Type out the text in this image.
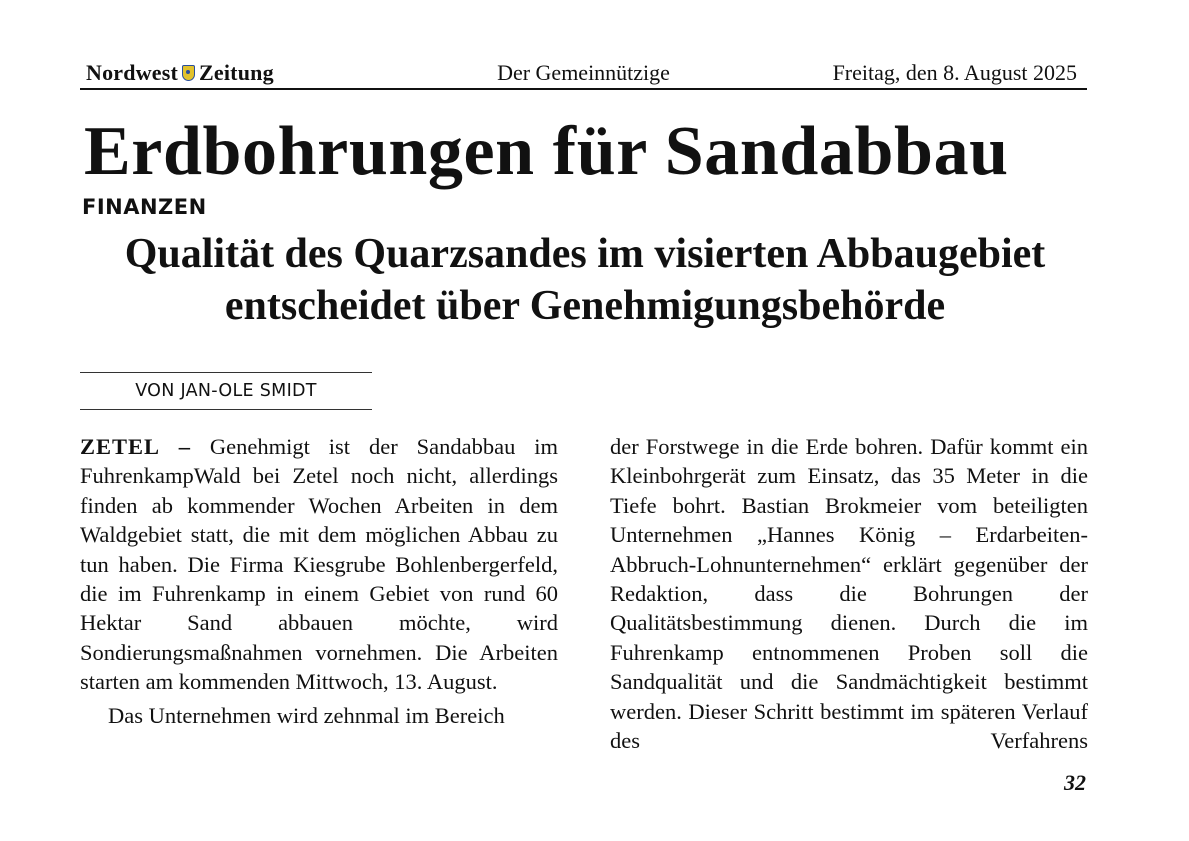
Nordwest Zeitung	Der Gemeinnützige	Freitag, den 8. August 2025
Erdbohrungen für Sandabbau
FINANZEN
Qualität des Quarzsandes im visierten Abbaugebiet entscheidet über Genehmigungsbehörde
VON JAN-OLE SMIDT

ZETEL – Genehmigt ist der Sandabbau im FuhrenkampWald bei Zetel noch nicht, allerdings finden ab kommender Wochen Arbeiten in dem Waldgebiet statt, die mit dem möglichen Abbau zu tun haben. Die Firma Kiesgrube Bohlenbergerfeld, die im Fuhrenkamp in einem Gebiet von rund 60 Hektar Sand abbauen möchte, wird Sondierungsmaßnahmen vornehmen. Die Arbeiten starten am kommenden Mittwoch, 13. August.

Das Unternehmen wird zehnmal im Bereich

der Forstwege in die Erde bohren. Dafür kommt ein Kleinbohrgerät zum Einsatz, das 35 Meter in die Tiefe bohrt. Bastian Brokmeier vom beteiligten Unternehmen „Hannes König – Erdarbeiten-Abbruch-Lohnunternehmen“ erklärt gegenüber der Redaktion, dass die Bohrungen der Qualitätsbestimmung dienen. Durch die im Fuhrenkamp entnommenen Proben soll die Sandqualität und die Sandmächtigkeit bestimmt werden. Dieser Schritt bestimmt im späteren Verlauf des Verfahrens

32
